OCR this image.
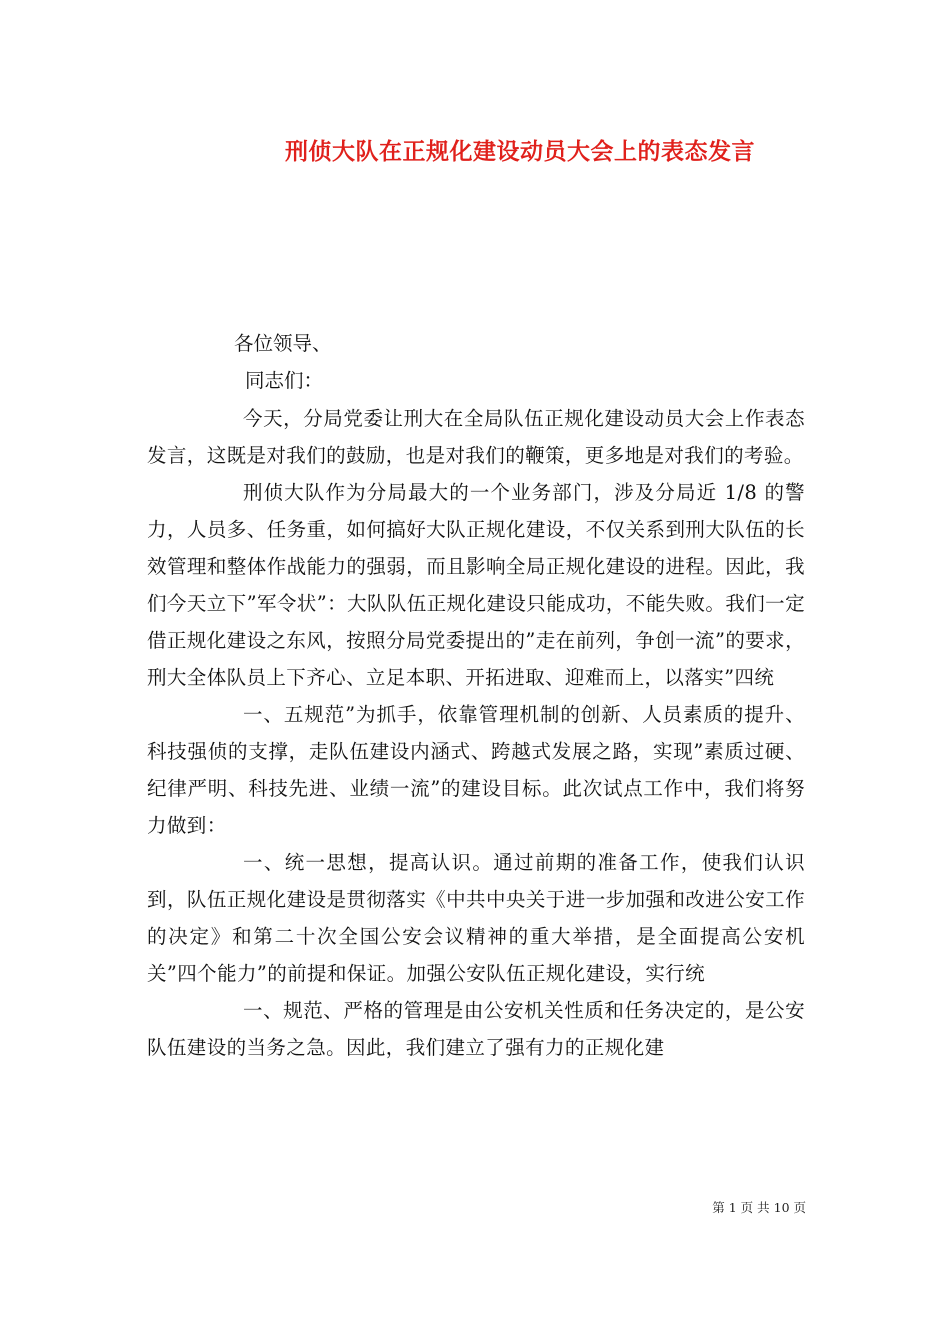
刑侦大队在正规化建设动员大会上的表态发言
各位领导、
同志们：

今天，分局党委让刑大在全局队伍正规化建设动员大会上作表态发言，这既是对我们的鼓励，也是对我们的鞭策，更多地是对我们的考验。

刑侦大队作为分局最大的一个业务部门，涉及分局近 1/8 的警力，人员多、任务重，如何搞好大队正规化建设，不仅关系到刑大队伍的长效管理和整体作战能力的强弱，而且影响全局正规化建设的进程。因此，我们今天立下”军令状”：大队队伍正规化建设只能成功，不能失败。我们一定借正规化建设之东风，按照分局党委提出的”走在前列，争创一流”的要求，刑大全体队员上下齐心、立足本职、开拓进取、迎难而上，以落实”四统

一、五规范”为抓手，依靠管理机制的创新、人员素质的提升、科技强侦的支撑，走队伍建设内涵式、跨越式发展之路，实现”素质过硬、纪律严明、科技先进、业绩一流”的建设目标。此次试点工作中，我们将努力做到：

一、统一思想，提高认识。通过前期的准备工作，使我们认识到，队伍正规化建设是贯彻落实《中共中央关于进一步加强和改进公安工作的决定》和第二十次全国公安会议精神的重大举措，是全面提高公安机关”四个能力”的前提和保证。加强公安队伍正规化建设，实行统

一、规范、严格的管理是由公安机关性质和任务决定的，是公安队伍建设的当务之急。因此，我们建立了强有力的正规化建

第 1 页 共 10 页
